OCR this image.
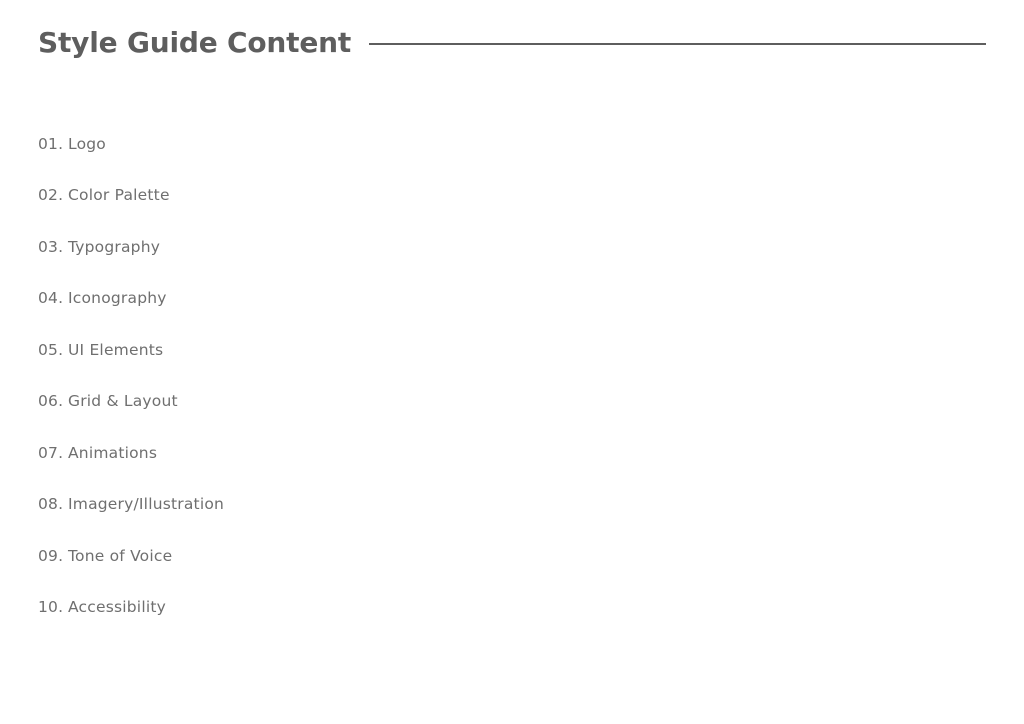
Style Guide Content
01. Logo
02. Color Palette
03. Typography
04. Iconography
05. UI Elements
06. Grid & Layout
07. Animations
08. Imagery/Illustration
09. Tone of Voice
10. Accessibility
